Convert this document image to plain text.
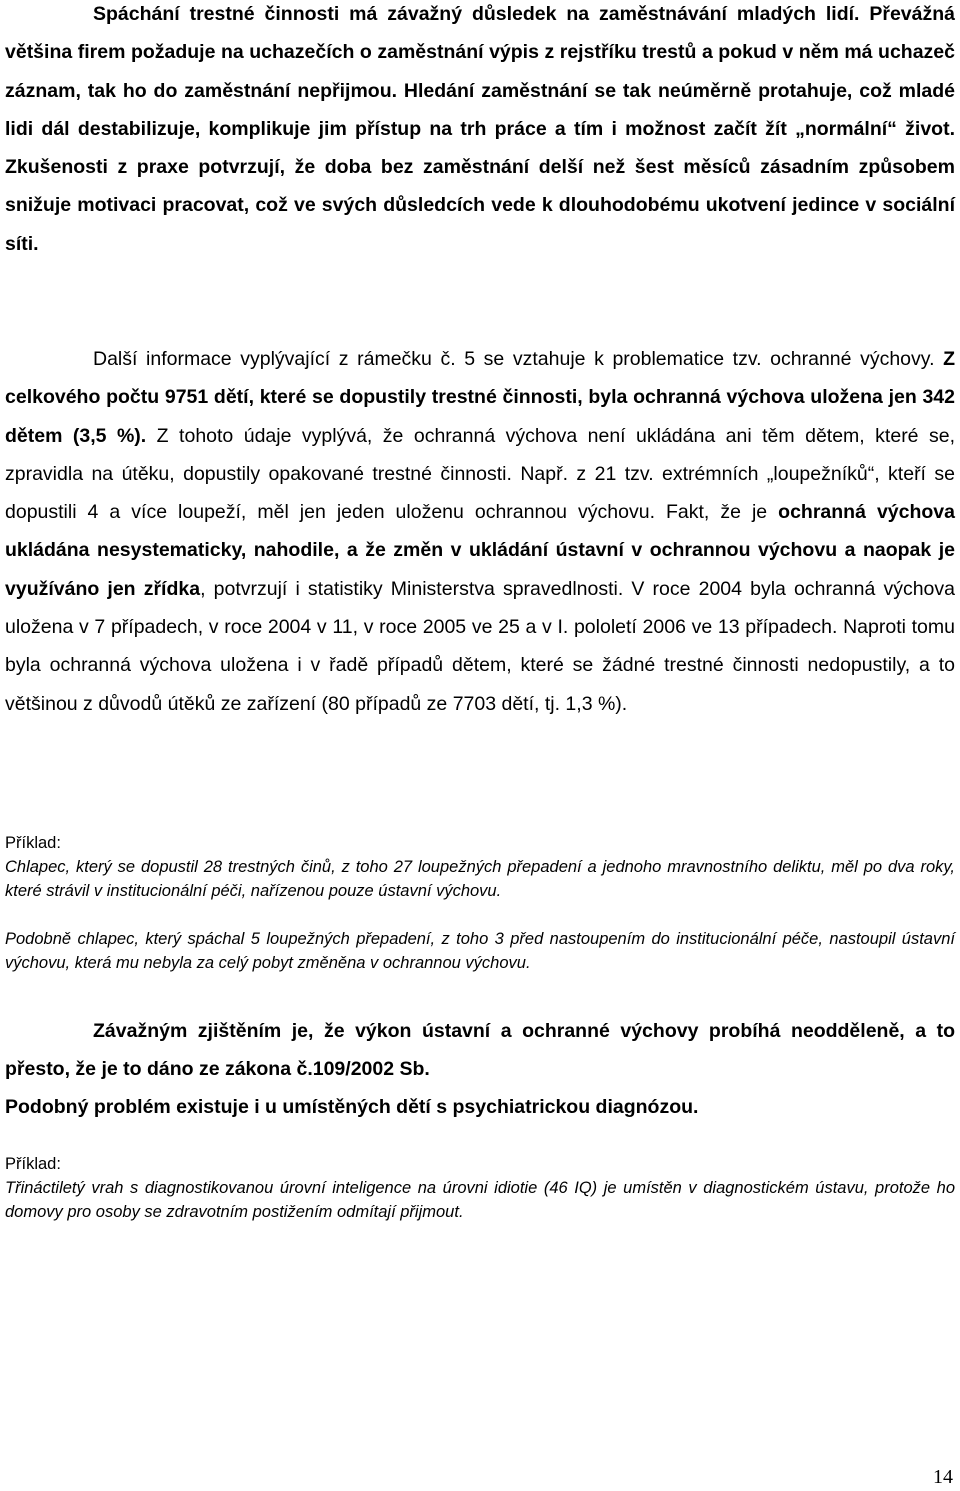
Spáchání trestné činnosti má závažný důsledek na zaměstnávání mladých lidí. Převážná většina firem požaduje na uchazečích o zaměstnání výpis z rejstříku trestů a pokud v něm má uchazeč záznam, tak ho do zaměstnání nepřijmou. Hledání zaměstnání se tak neúměrně protahuje, což mladé lidi dál destabilizuje, komplikuje jim přístup na trh práce a tím i možnost začít žít „normální“ život. Zkušenosti z praxe potvrzují, že doba bez zaměstnání delší než šest měsíců zásadním způsobem snižuje motivaci pracovat, což ve svých důsledcích vede k dlouhodobému ukotvení jedince v sociální síti.

Další informace vyplývající z rámečku č. 5 se vztahuje k problematice tzv. ochranné výchovy. Z celkového počtu 9751 dětí, které se dopustily trestné činnosti, byla ochranná výchova uložena jen 342 dětem (3,5 %). Z tohoto údaje vyplývá, že ochranná výchova není ukládána ani těm dětem, které se, zpravidla na útěku, dopustily opakované trestné činnosti. Např. z 21 tzv. extrémních „loupežníků“, kteří se dopustili 4 a více loupeží, měl jen jeden uloženu ochrannou výchovu. Fakt, že je ochranná výchova ukládána nesystematicky, nahodile, a že změn v ukládání ústavní v ochrannou výchovu a naopak je využíváno jen zřídka, potvrzují i statistiky Ministerstva spravedlnosti. V roce 2004 byla ochranná výchova uložena v 7 případech, v roce 2004 v 11, v roce 2005 ve 25 a v I. pololetí 2006 ve 13 případech. Naproti tomu byla ochranná výchova uložena i v řadě případů dětem, které se žádné trestné činnosti nedopustily, a to většinou z důvodů útěků ze zařízení (80 případů ze 7703 dětí, tj. 1,3 %).

Příklad:

Chlapec, který se dopustil 28 trestných činů, z toho 27 loupežných přepadení a jednoho mravnostního deliktu, měl po dva roky, které strávil v institucionální péči, nařízenou pouze ústavní výchovu.

Podobně chlapec, který spáchal 5 loupežných přepadení, z toho 3 před nastoupením do institucionální péče, nastoupil ústavní výchovu, která mu nebyla za celý pobyt změněna v ochrannou výchovu.

Závažným zjištěním je, že výkon ústavní a ochranné výchovy probíhá neodděleně, a to přesto, že je to dáno ze zákona č.109/2002 Sb.

Podobný problém existuje i u umístěných dětí s psychiatrickou diagnózou.

Příklad:

Třináctiletý vrah s diagnostikovanou úrovní inteligence na úrovni idiotie (46 IQ) je umístěn v diagnostickém ústavu, protože ho domovy pro osoby se zdravotním postižením odmítají přijmout.

14
